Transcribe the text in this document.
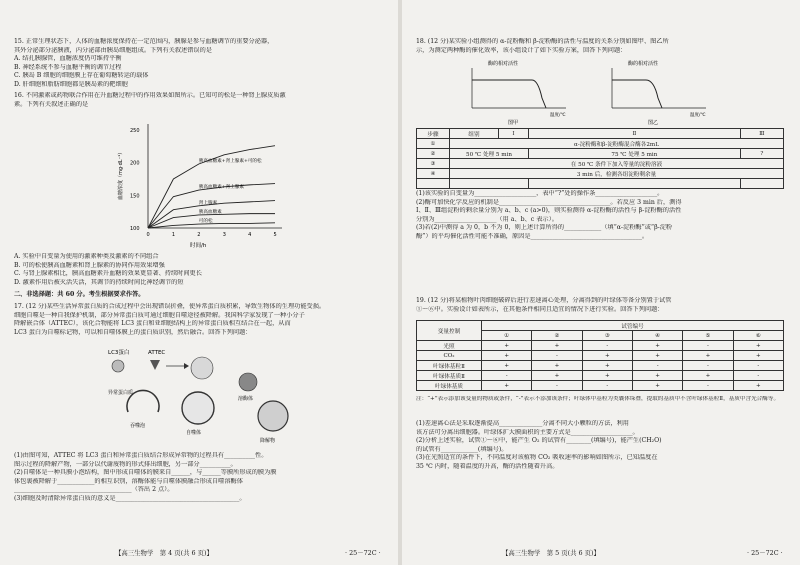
15. 正常生理状态下，人体的血糖浓度保持在一定范围内，胰腺是参与血糖调节的重要分泌器，

其外分泌部分泌胰液，内分泌部由胰岛细胞组成。下列有关叙述错误的是

A. 结扎胰腺管，血糖浓度仍可维持平衡

B. 神经系统不参与血糖平衡的调节过程

C. 胰岛 B 细胞的细胞膜上存在葡萄糖转运的载体

D. 肝细胞和脂肪细胞都是胰岛素的靶细胞

16. 不同激素或药物联合作用在升血糖过程中的作用效果如图所示。已知可的松是一种肾上腺皮质激

素。下列有关叙述正确的是

血糖浓度（mg·dL⁻¹）
100
150
200
250
0	1	2	3	4	5
胰高血糖素+肾上腺素+可的松
胰高血糖素+肾上腺素
肾上腺素
胰高血糖素
可的松
时间/h

A. 实验中自变量为使用的激素种类及激素的不同组合

B. 可的松使胰高血糖素和肾上腺素的协同作用效果增强

C. 与肾上腺素相比，胰高血糖素升血糖的效果更显著、持续时间更长

D. 激素作用后被灭活失活，其调节的持续时间比神经调节的短

二、非选择题：共 60 分。考生根据要求作答。

17. (12 分)某些生活异常蛋白质的合成过程中会出现错误折叠，使异常蛋白质积累，导致生物体的生理功能受损。

细胞自噬是一种自我保护机制，部分异常蛋白质可通过细胞自噬途径被降解。我国科学家发现了一种小分子

降解嵌合体（ATTEC），该化合物能将 LC3 蛋白和亚细胞结构上的异常蛋白质相互结合在一起，从而

LC3 蛋白为自噬标记物，可以和自噬体膜上的蛋白质识别，然后融合。回答下列问题：

LC3蛋白	ATTEC
异常蛋白质
吞噬泡
自噬体
溶酶体
降解物

(1)由图可知，ATTEC 将 LC3 蛋白和异常蛋白质结合形成异常物的过程具有__________性。

图示过程的降解产物，一部分以代谢废物的形式排出细胞，另一部分__________。

(2)自噬体是一种具膜小泡结构，图中形成自噬体的膜来自______，与______等膜所形成的膜为膜

体包裹被降解于____________的相互识别，溶酶体能与自噬体膜融合形成自噬溶酶体

______________________________________（答出 2 点）。

(3)细胞及时清除异常蛋白质的意义是________________________________________。

【高三生物学　第 4 页(共 6 页)】	· 25－72C ·

18. (12 分)某实验小组测得的 α-淀粉酶和 β-淀粉酶的活性与温度的关系分别如图甲、图乙所

示，为测定两种酶的催化效率，该小组设计了如下实验方案，回答下列问题：

酶的相对活性
温度/℃
图甲
酶的相对活性
温度/℃
图乙
步骤	组别	Ⅰ	Ⅱ	Ⅲ
①	α-淀粉酶和β-淀粉酶混合酶各2mL			
②	50 ℃ 处理 5 min		75 ℃ 处理 5 min	?
③	在 50 ℃ 条件下加入等量的淀粉溶液			
④	3 min 后，检测各组淀粉剩余量			

(1)该实验的自变量为____________________，表中“?”处的操作条____________________。

(2)酶可加快化学反应的机制是____________________________________。若反应 3 min 后，测得

Ⅰ、Ⅱ、Ⅲ组淀粉的剩余量分别为 a、b、c (a>0)，则实验测得 α-淀粉酶的活性与 β-淀粉酶的活性

分别为____________________（用 a、b、c 表示）。

(3)若(2)中测得 a 为 0，b 不为 0，则上述计算所得的____________（填“α-淀粉酶”或“β-淀粉

酶”）的平均催化活性可能不准确，原因是____________________________________。

19. (12 分)将某植物叶肉细胞破碎后进行差速离心处理，分离得到的叶绿体等备分别置于试管

①～⑥中。实验设计如表所示，在其他条件相同且适宜的情况下进行实验。回答下列问题：

变量控制	试管编号					
	①	②	③	④	⑤	⑥
光照	+	+	-	+	-	+
CO₂	+	-	+	+	+	+
叶绿体基粒Ⅱ	+	+	+	-	-	-
叶绿体基质Ⅱ	-	+	+	+	+	-
叶绿体基质	+	-	-	+	-	+

注：“+”表示添加该变量的物质或条件，“-”表示不添加该条件；叶绿体中基粒为类囊体垛叠，提取的基质中不含叶绿体基粒Ⅱ，基质中含光合酶等。

(1)差速离心法是采取逐渐提高______________分离不同大小颗粒的方法，利用

该方法可分离出细胞器。叶绿体扩大膜面积的主要方式是____________________。

(2)分析上述实验，试管①～⑥中，能产生 O₂ 的试管有________(填编号)，能产生(CH₂O)

的试管有____________(填编号)。

(3)在光照适宜的条件下，不同温度对该植物 CO₂ 吸收速率的影响如图所示，已知温度在

35 ℃ 内时，随着温度的升高，酶的活性随着升高。

【高三生物学　第 5 页(共 6 页)】	· 25－72C ·
